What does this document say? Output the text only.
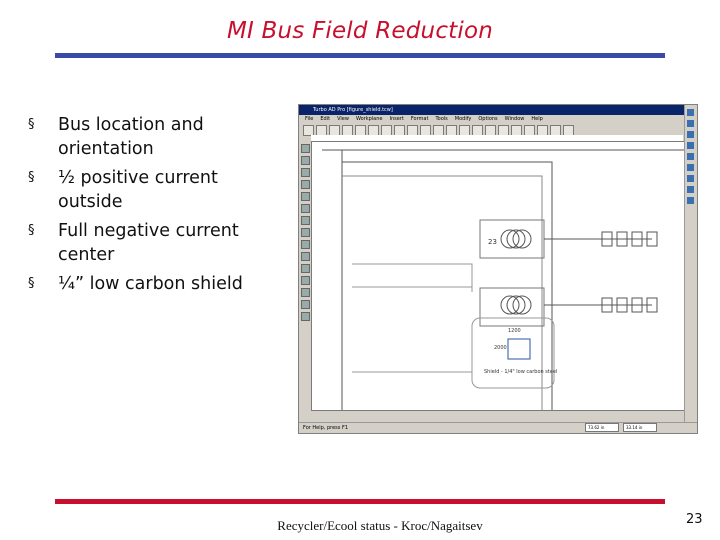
MI Bus Field Reduction
§ Bus location and orientation
§ ½ positive current outside
§ Full negative current center
§ ¼” low carbon shield
Turbo AD Pro [figure_shield.tcw]
File Edit View Workplane Insert Format Tools Modify Options Window Help
23
1200
2000
Shield - 1/4" low carbon steel
For Help, press F1	73.62 in	33.14 in
Recycler/Ecool status - Kroc/Nagaitsev	23
